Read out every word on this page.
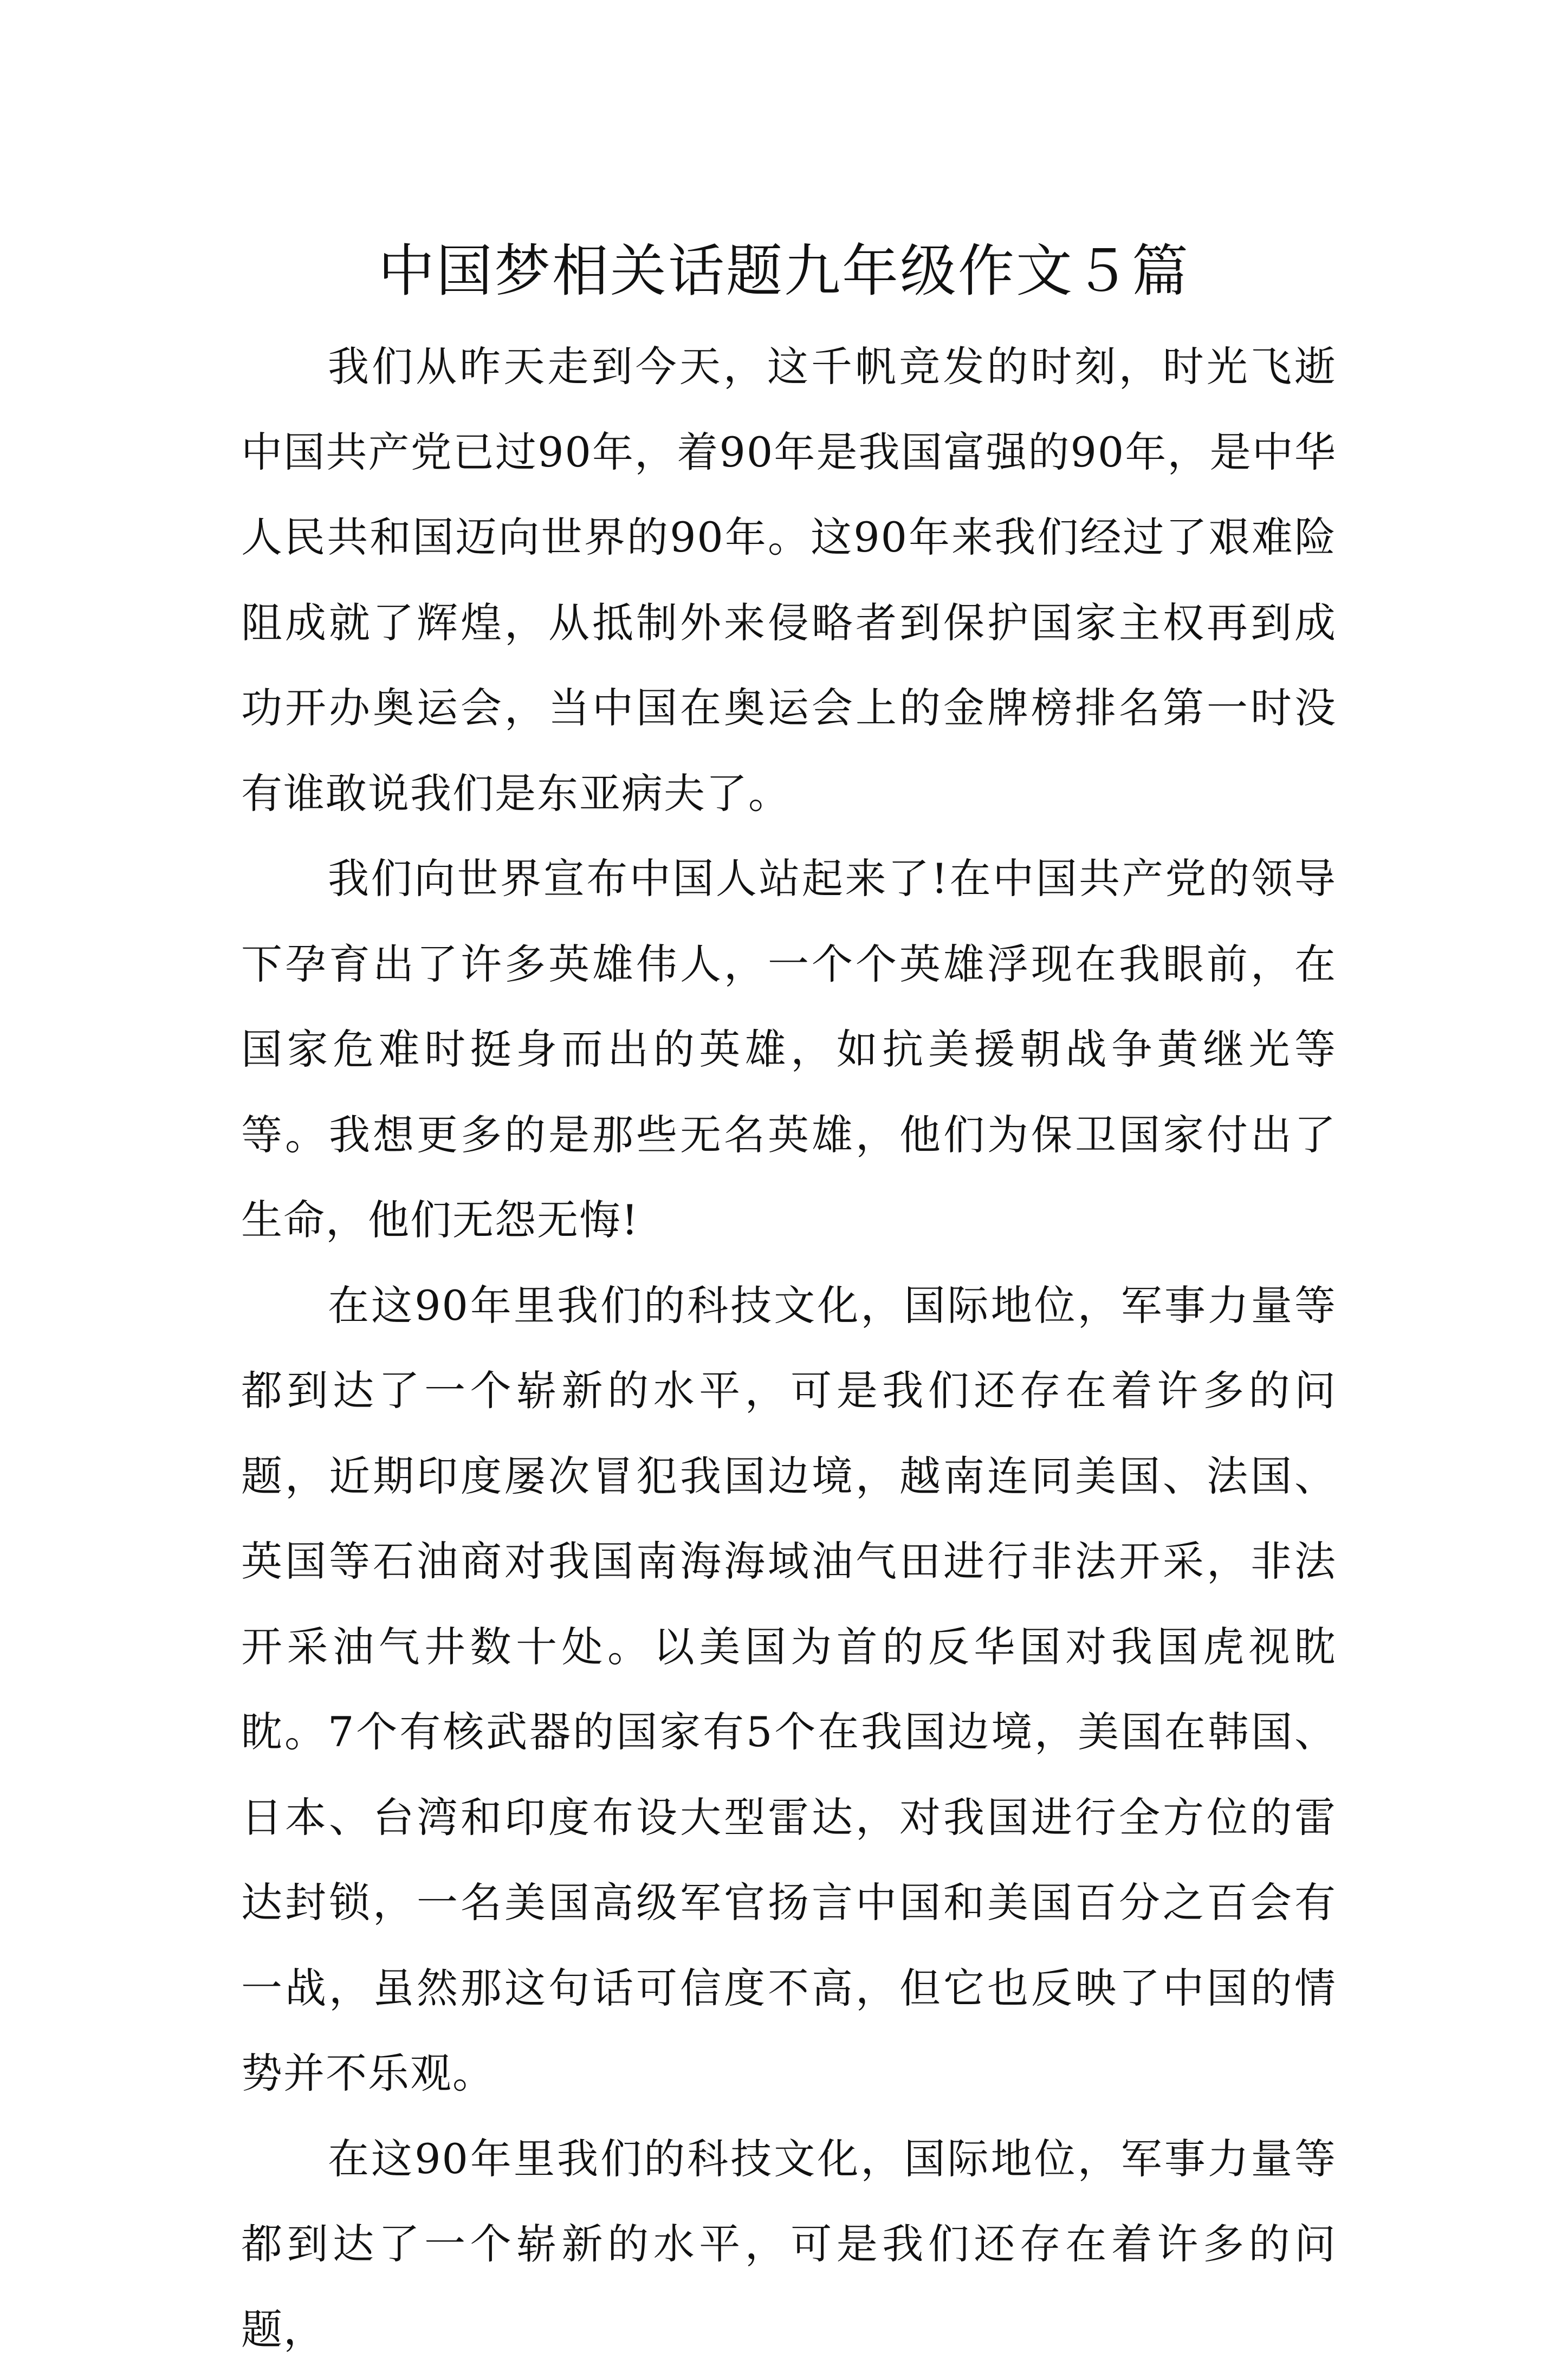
中国梦相关话题九年级作文５篇

我们从昨天走到今天，这千帆竞发的时刻，时光飞逝中国共产党已过90年，着90年是我国富强的90年，是中华人民共和国迈向世界的90年。这90年来我们经过了艰难险阻成就了辉煌，从抵制外来侵略者到保护国家主权再到成功开办奥运会，当中国在奥运会上的金牌榜排名第一时没有谁敢说我们是东亚病夫了。

我们向世界宣布中国人站起来了!在中国共产党的领导下孕育出了许多英雄伟人，一个个英雄浮现在我眼前，在国家危难时挺身而出的英雄，如抗美援朝战争黄继光等等。我想更多的是那些无名英雄，他们为保卫国家付出了生命，他们无怨无悔!

在这90年里我们的科技文化，国际地位，军事力量等都到达了一个崭新的水平，可是我们还存在着许多的问题，近期印度屡次冒犯我国边境，越南连同美国、法国、英国等石油商对我国南海海域油气田进行非法开采，非法开采油气井数十处。以美国为首的反华国对我国虎视眈眈。7个有核武器的国家有5个在我国边境，美国在韩国、日本、台湾和印度布设大型雷达，对我国进行全方位的雷达封锁，一名美国高级军官扬言中国和美国百分之百会有一战，虽然那这句话可信度不高，但它也反映了中国的情势并不乐观。

在这90年里我们的科技文化，国际地位，军事力量等都到达了一个崭新的水平，可是我们还存在着许多的问题，
